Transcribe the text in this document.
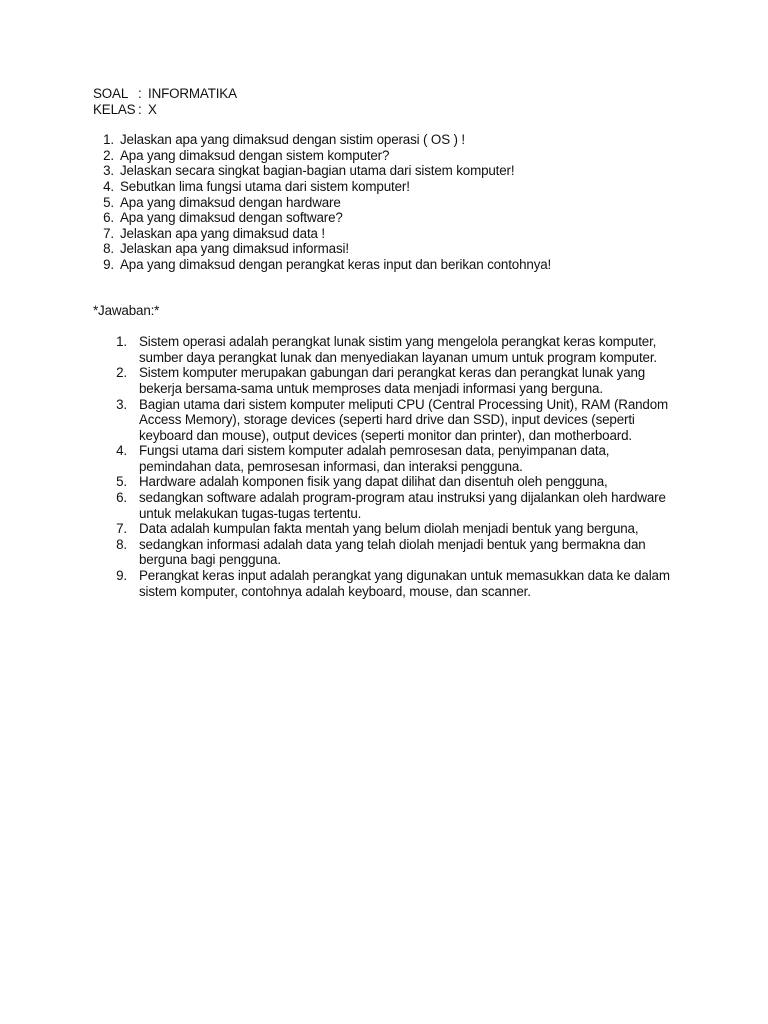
SOAL : INFORMATIKA
KELAS : X
1. Jelaskan apa yang dimaksud dengan sistim operasi ( OS ) !
2. Apa yang dimaksud dengan sistem komputer?
3. Jelaskan secara singkat bagian-bagian utama dari sistem komputer!
4. Sebutkan lima fungsi utama dari sistem komputer!
5. Apa yang dimaksud dengan hardware
6. Apa yang dimaksud dengan software?
7. Jelaskan apa yang dimaksud data !
8. Jelaskan apa yang dimaksud informasi!
9. Apa yang dimaksud dengan perangkat keras input dan berikan contohnya!
*Jawaban:*
1. Sistem operasi adalah perangkat lunak sistim yang mengelola perangkat keras komputer, sumber daya perangkat lunak dan menyediakan layanan umum untuk program komputer.
2. Sistem komputer merupakan gabungan dari perangkat keras dan perangkat lunak yang bekerja bersama-sama untuk memproses data menjadi informasi yang berguna.
3. Bagian utama dari sistem komputer meliputi CPU (Central Processing Unit), RAM (Random Access Memory), storage devices (seperti hard drive dan SSD), input devices (seperti keyboard dan mouse), output devices (seperti monitor dan printer), dan motherboard.
4. Fungsi utama dari sistem komputer adalah pemrosesan data, penyimpanan data, pemindahan data, pemrosesan informasi, dan interaksi pengguna.
5. Hardware adalah komponen fisik yang dapat dilihat dan disentuh oleh pengguna,
6. sedangkan software adalah program-program atau instruksi yang dijalankan oleh hardware untuk melakukan tugas-tugas tertentu.
7. Data adalah kumpulan fakta mentah yang belum diolah menjadi bentuk yang berguna,
8. sedangkan informasi adalah data yang telah diolah menjadi bentuk yang bermakna dan berguna bagi pengguna.
9. Perangkat keras input adalah perangkat yang digunakan untuk memasukkan data ke dalam sistem komputer, contohnya adalah keyboard, mouse, dan scanner.
